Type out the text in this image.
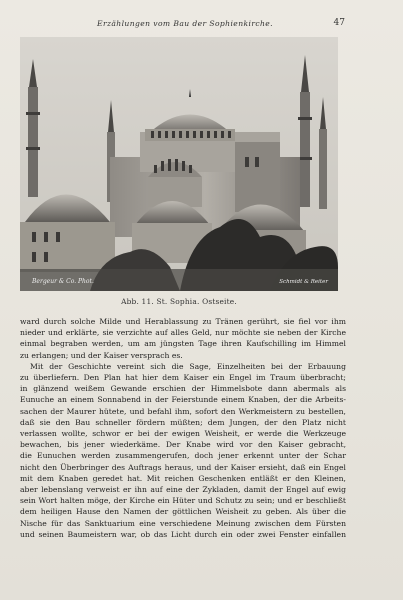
Erzählungen vom Bau der Sophienkirche.	47
Bergeur & Co. Phot.	Schmidt & Reiter
Abb. 11. St. Sophia. Ostseite.

ward durch solche Milde und Herablassung zu Tränen gerührt, sie fiel vor ihm
nieder und erklärte, sie verzichte auf alles Geld, nur möchte sie neben der Kirche
einmal begraben werden, um am jüngsten Tage ihren Kaufschilling im Himmel
zu erlangen; und der Kaiser versprach es.

Mit der Geschichte vereint sich die Sage, Einzelheiten bei der Erbauung
zu überliefern. Den Plan hat hier dem Kaiser ein Engel im Traum überbracht;
in glänzend weißem Gewande erschien der Himmelsbote dann abermals als
Eunuche an einem Sonnabend in der Feierstunde einem Knaben, der die Arbeits-
sachen der Maurer hütete, und befahl ihm, sofort den Werkmeistern zu bestellen,
daß sie den Bau schneller fördern müßten; dem Jungen, der den Platz nicht
verlassen wollte, schwor er bei der ewigen Weisheit, er werde die Werkzeuge
bewachen, bis jener wiederkäme. Der Knabe wird vor den Kaiser gebracht,
die Eunuchen werden zusammengerufen, doch jener erkennt unter der Schar
nicht den Überbringer des Auftrags heraus, und der Kaiser ersieht, daß ein Engel
mit dem Knaben geredet hat. Mit reichen Geschenken entläßt er den Kleinen,
aber lebenslang verweist er ihn auf eine der Zykladen, damit der Engel auf ewig
sein Wort halten möge, der Kirche ein Hüter und Schutz zu sein; und er beschließt
dem heiligen Hause den Namen der göttlichen Weisheit zu geben. Als über die
Nische für das Sanktuarium eine verschiedene Meinung zwischen dem Fürsten
und seinen Baumeistern war, ob das Licht durch ein oder zwei Fenster einfallen
